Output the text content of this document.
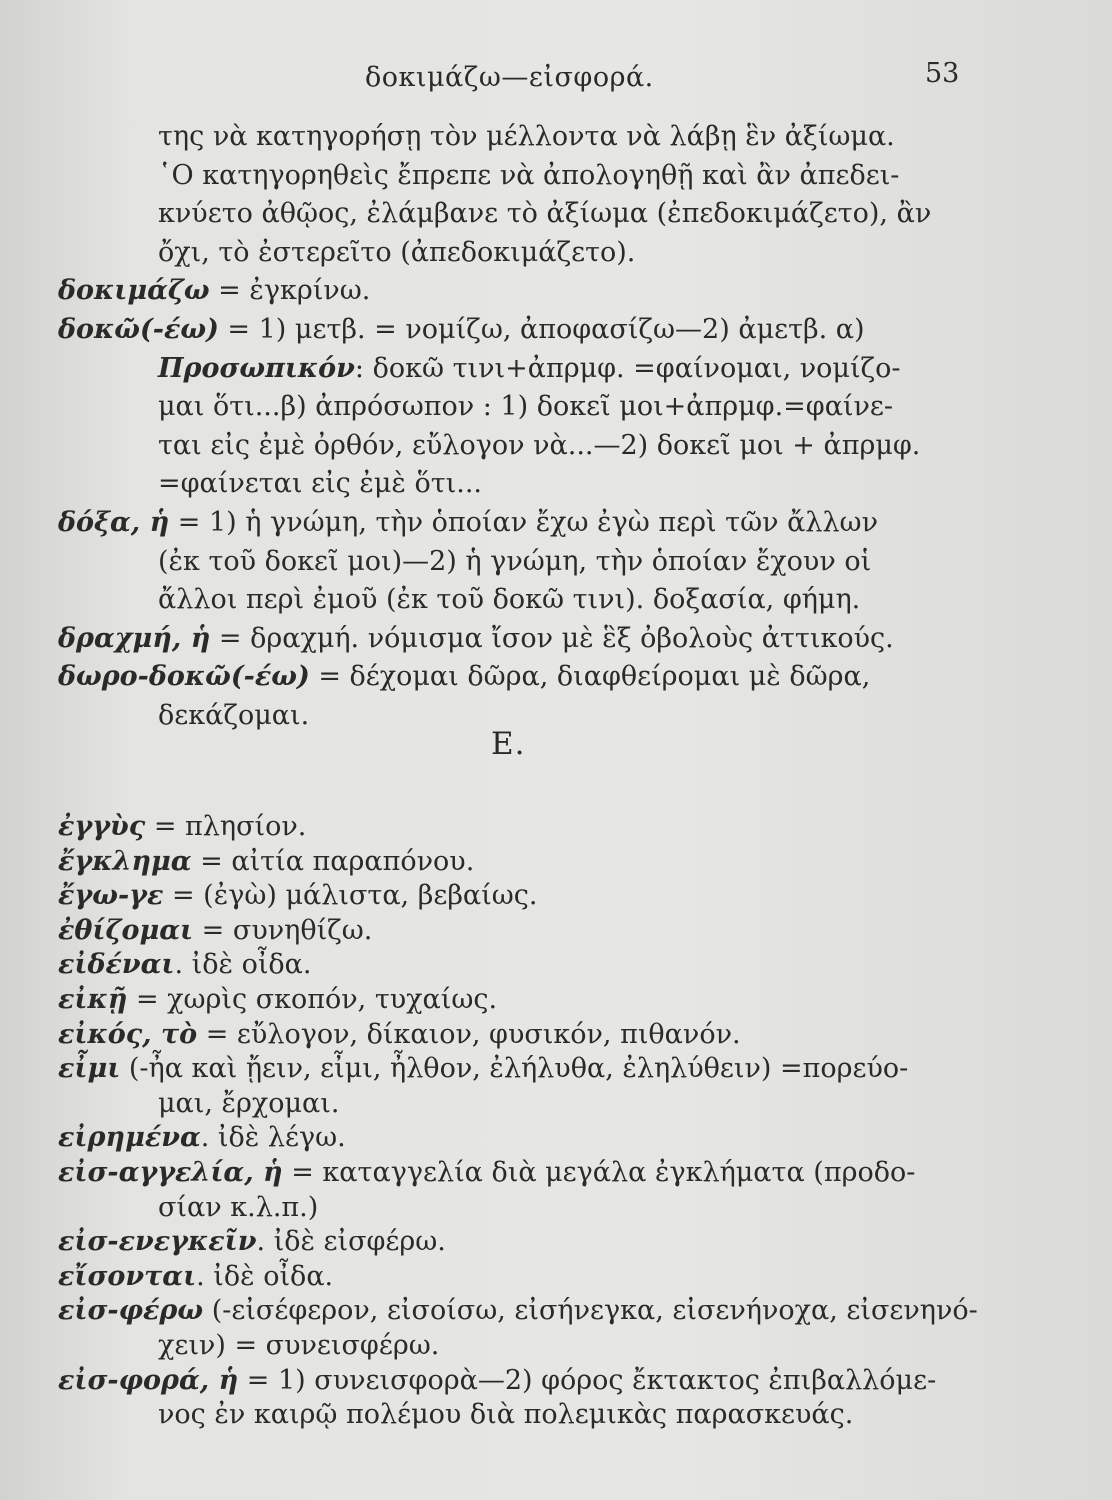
δοκιμάζω—εἰσφορά.	53
της νὰ κατηγορήσῃ τὸν μέλλοντα νὰ λάβῃ ἓν ἀξίωμα.
῾Ο κατηγορηθεὶς ἔπρεπε νὰ ἀπολογηθῇ καὶ ἂν ἀπεδει-
κνύετο ἀθῷος, ἐλάμβανε τὸ ἀξίωμα (ἐπεδοκιμάζετο), ἂν
ὄχι, τὸ ἐστερεῖτο (ἀπεδοκιμάζετο).
δοκιμάζω = ἐγκρίνω.
δοκῶ(-έω) = 1) μετβ. = νομίζω, ἀποφασίζω—2) ἀμετβ. α)
Προσωπικόν: δοκῶ τινι+ἀπρμφ. =φαίνομαι, νομίζο-
μαι ὅτι...β) ἀπρόσωπον : 1) δοκεῖ μοι+ἀπρμφ.=φαίνε-
ται εἰς ἐμὲ ὀρθόν, εὔλογον νὰ...—2) δοκεῖ μοι + ἀπρμφ.
=φαίνεται εἰς ἐμὲ ὅτι...
δόξα, ἡ = 1) ἡ γνώμη, τὴν ὁποίαν ἔχω ἐγὼ περὶ τῶν ἄλλων
(ἐκ τοῦ δοκεῖ μοι)—2) ἡ γνώμη, τὴν ὁποίαν ἔχουν οἱ
ἄλλοι περὶ ἐμοῦ (ἐκ τοῦ δοκῶ τινι). δοξασία, φήμη.
δραχμή, ἡ = δραχμή. νόμισμα ἴσον μὲ ἓξ ὀβολοὺς ἀττικούς.
δωρο-δοκῶ(-έω) = δέχομαι δῶρα, διαφθείρομαι μὲ δῶρα,
δεκάζομαι.
Ε.
ἐγγὺς = πλησίον.
ἔγκλημα = αἰτία παραπόνου.
ἔγω-γε = (ἐγὼ) μάλιστα, βεβαίως.
ἐθίζομαι = συνηθίζω.
εἰδέναι. ἰδὲ οἶδα.
εἰκῇ = χωρὶς σκοπόν, τυχαίως.
εἰκός, τὸ = εὔλογον, δίκαιον, φυσικόν, πιθανόν.
εἶμι (-ἦα καὶ ᾔειν, εἶμι, ἦλθον, ἐλήλυθα, ἐληλύθειν) =πορεύο-
μαι, ἔρχομαι.
εἰρημένα. ἰδὲ λέγω.
εἰσ-αγγελία, ἡ = καταγγελία διὰ μεγάλα ἐγκλήματα (προδο-
σίαν κ.λ.π.)
εἰσ-ενεγκεῖν. ἰδὲ εἰσφέρω.
εἴσονται. ἰδὲ οἶδα.
εἰσ-φέρω (-εἰσέφερον, εἰσοίσω, εἰσήνεγκα, εἰσενήνοχα, εἰσενηνό-
χειν) = συνεισφέρω.
εἰσ-φορά, ἡ = 1) συνεισφορὰ—2) φόρος ἔκτακτος ἐπιβαλλόμε-
νος ἐν καιρῷ πολέμου διὰ πολεμικὰς παρασκευάς.
